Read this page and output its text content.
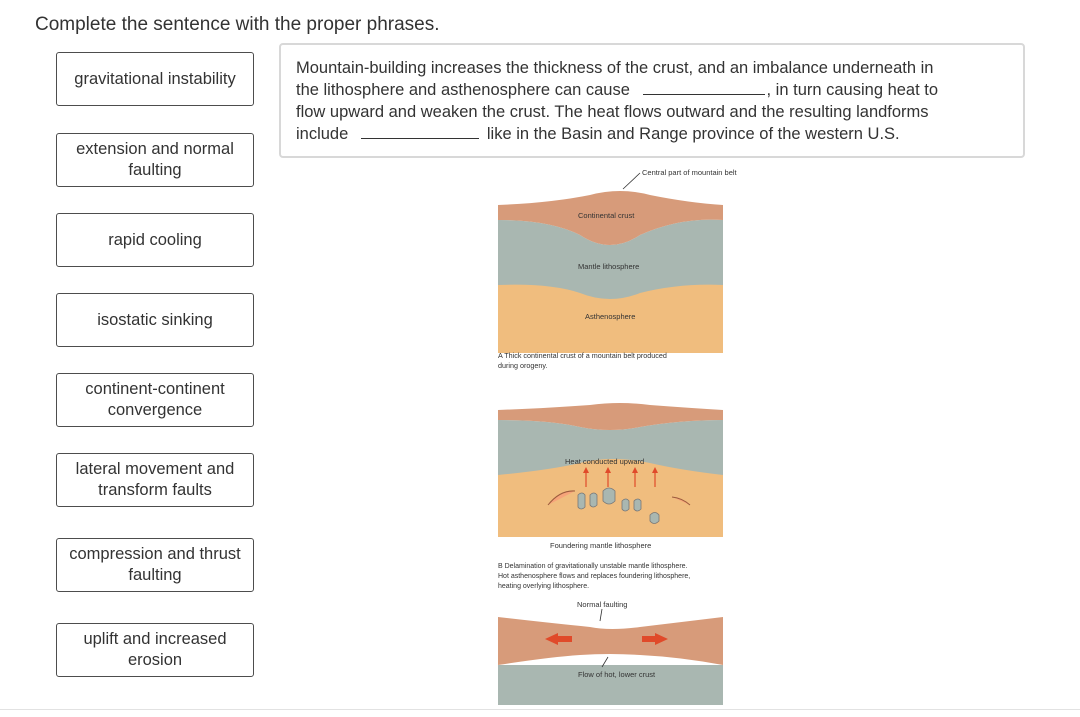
Complete the sentence with the proper phrases.
gravitational instability
extension and normal faulting
rapid cooling
isostatic sinking
continent-continent convergence
lateral movement and transform faults
compression and thrust faulting
uplift and increased erosion
Mountain-building increases the thickness of the crust, and an imbalance underneath in
the lithosphere and asthenosphere can cause	, in turn causing heat to
flow upward and weaken the crust. The heat flows outward and the resulting landforms
include	like in the Basin and Range province of the western U.S.
Central part of mountain belt
Continental crust
Mantle lithosphere
Asthenosphere
A Thick continental crust of a mountain belt produced
during orogeny.
Heat conducted upward
Foundering mantle lithosphere
B Delamination of gravitationally unstable mantle lithosphere.
Hot asthenosphere flows and replaces foundering lithosphere,
heating overlying lithosphere.
Normal faulting
Flow of hot, lower crust
